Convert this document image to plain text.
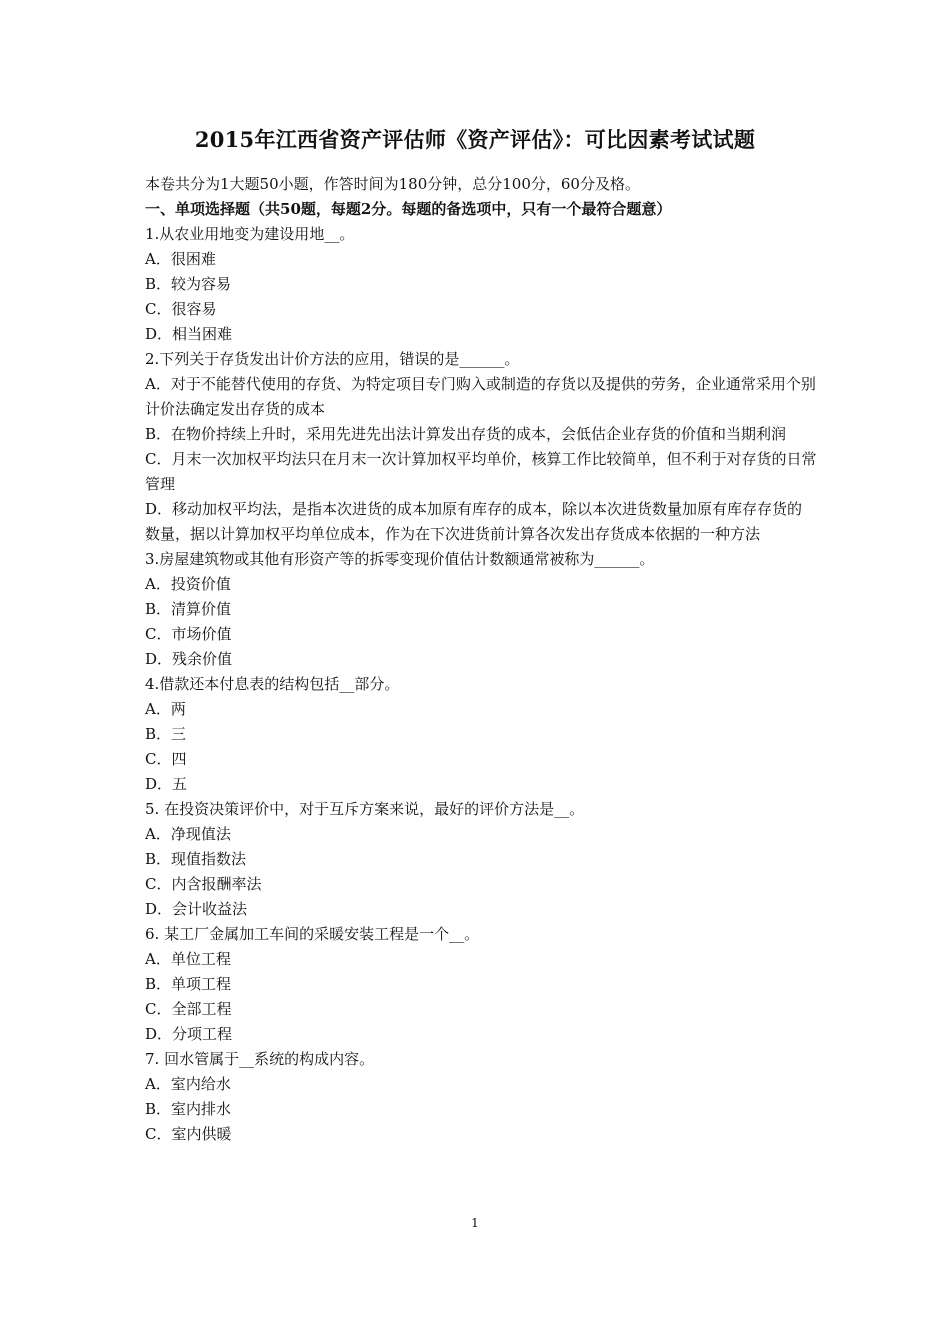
2015年江西省资产评估师《资产评估》：可比因素考试试题

本卷共分为1大题50小题，作答时间为180分钟，总分100分，60分及格。

一、单项选择题（共50题，每题2分。每题的备选项中，只有一个最符合题意）

1.从农业用地变为建设用地__。

A．很困难

B．较为容易

C．很容易

D．相当困难

2.下列关于存货发出计价方法的应用，错误的是______。

A．对于不能替代使用的存货、为特定项目专门购入或制造的存货以及提供的劳务，企业通常采用个别计价法确定发出存货的成本

B．在物价持续上升时，采用先进先出法计算发出存货的成本，会低估企业存货的价值和当期利润

C．月末一次加权平均法只在月末一次计算加权平均单价，核算工作比较简单，但不利于对存货的日常管理

D．移动加权平均法，是指本次进货的成本加原有库存的成本，除以本次进货数量加原有库存存货的数量，据以计算加权平均单位成本，作为在下次进货前计算各次发出存货成本依据的一种方法

3.房屋建筑物或其他有形资产等的拆零变现价值估计数额通常被称为______。

A．投资价值

B．清算价值

C．市场价值

D．残余价值

4.借款还本付息表的结构包括__部分。

A．两

B．三

C．四

D．五

5. 在投资决策评价中，对于互斥方案来说，最好的评价方法是__。

A．净现值法

B．现值指数法

C．内含报酬率法

D．会计收益法

6. 某工厂金属加工车间的采暖安装工程是一个__。

A．单位工程

B．单项工程

C．全部工程

D．分项工程

7. 回水管属于__系统的构成内容。

A．室内给水

B．室内排水

C．室内供暖

1
